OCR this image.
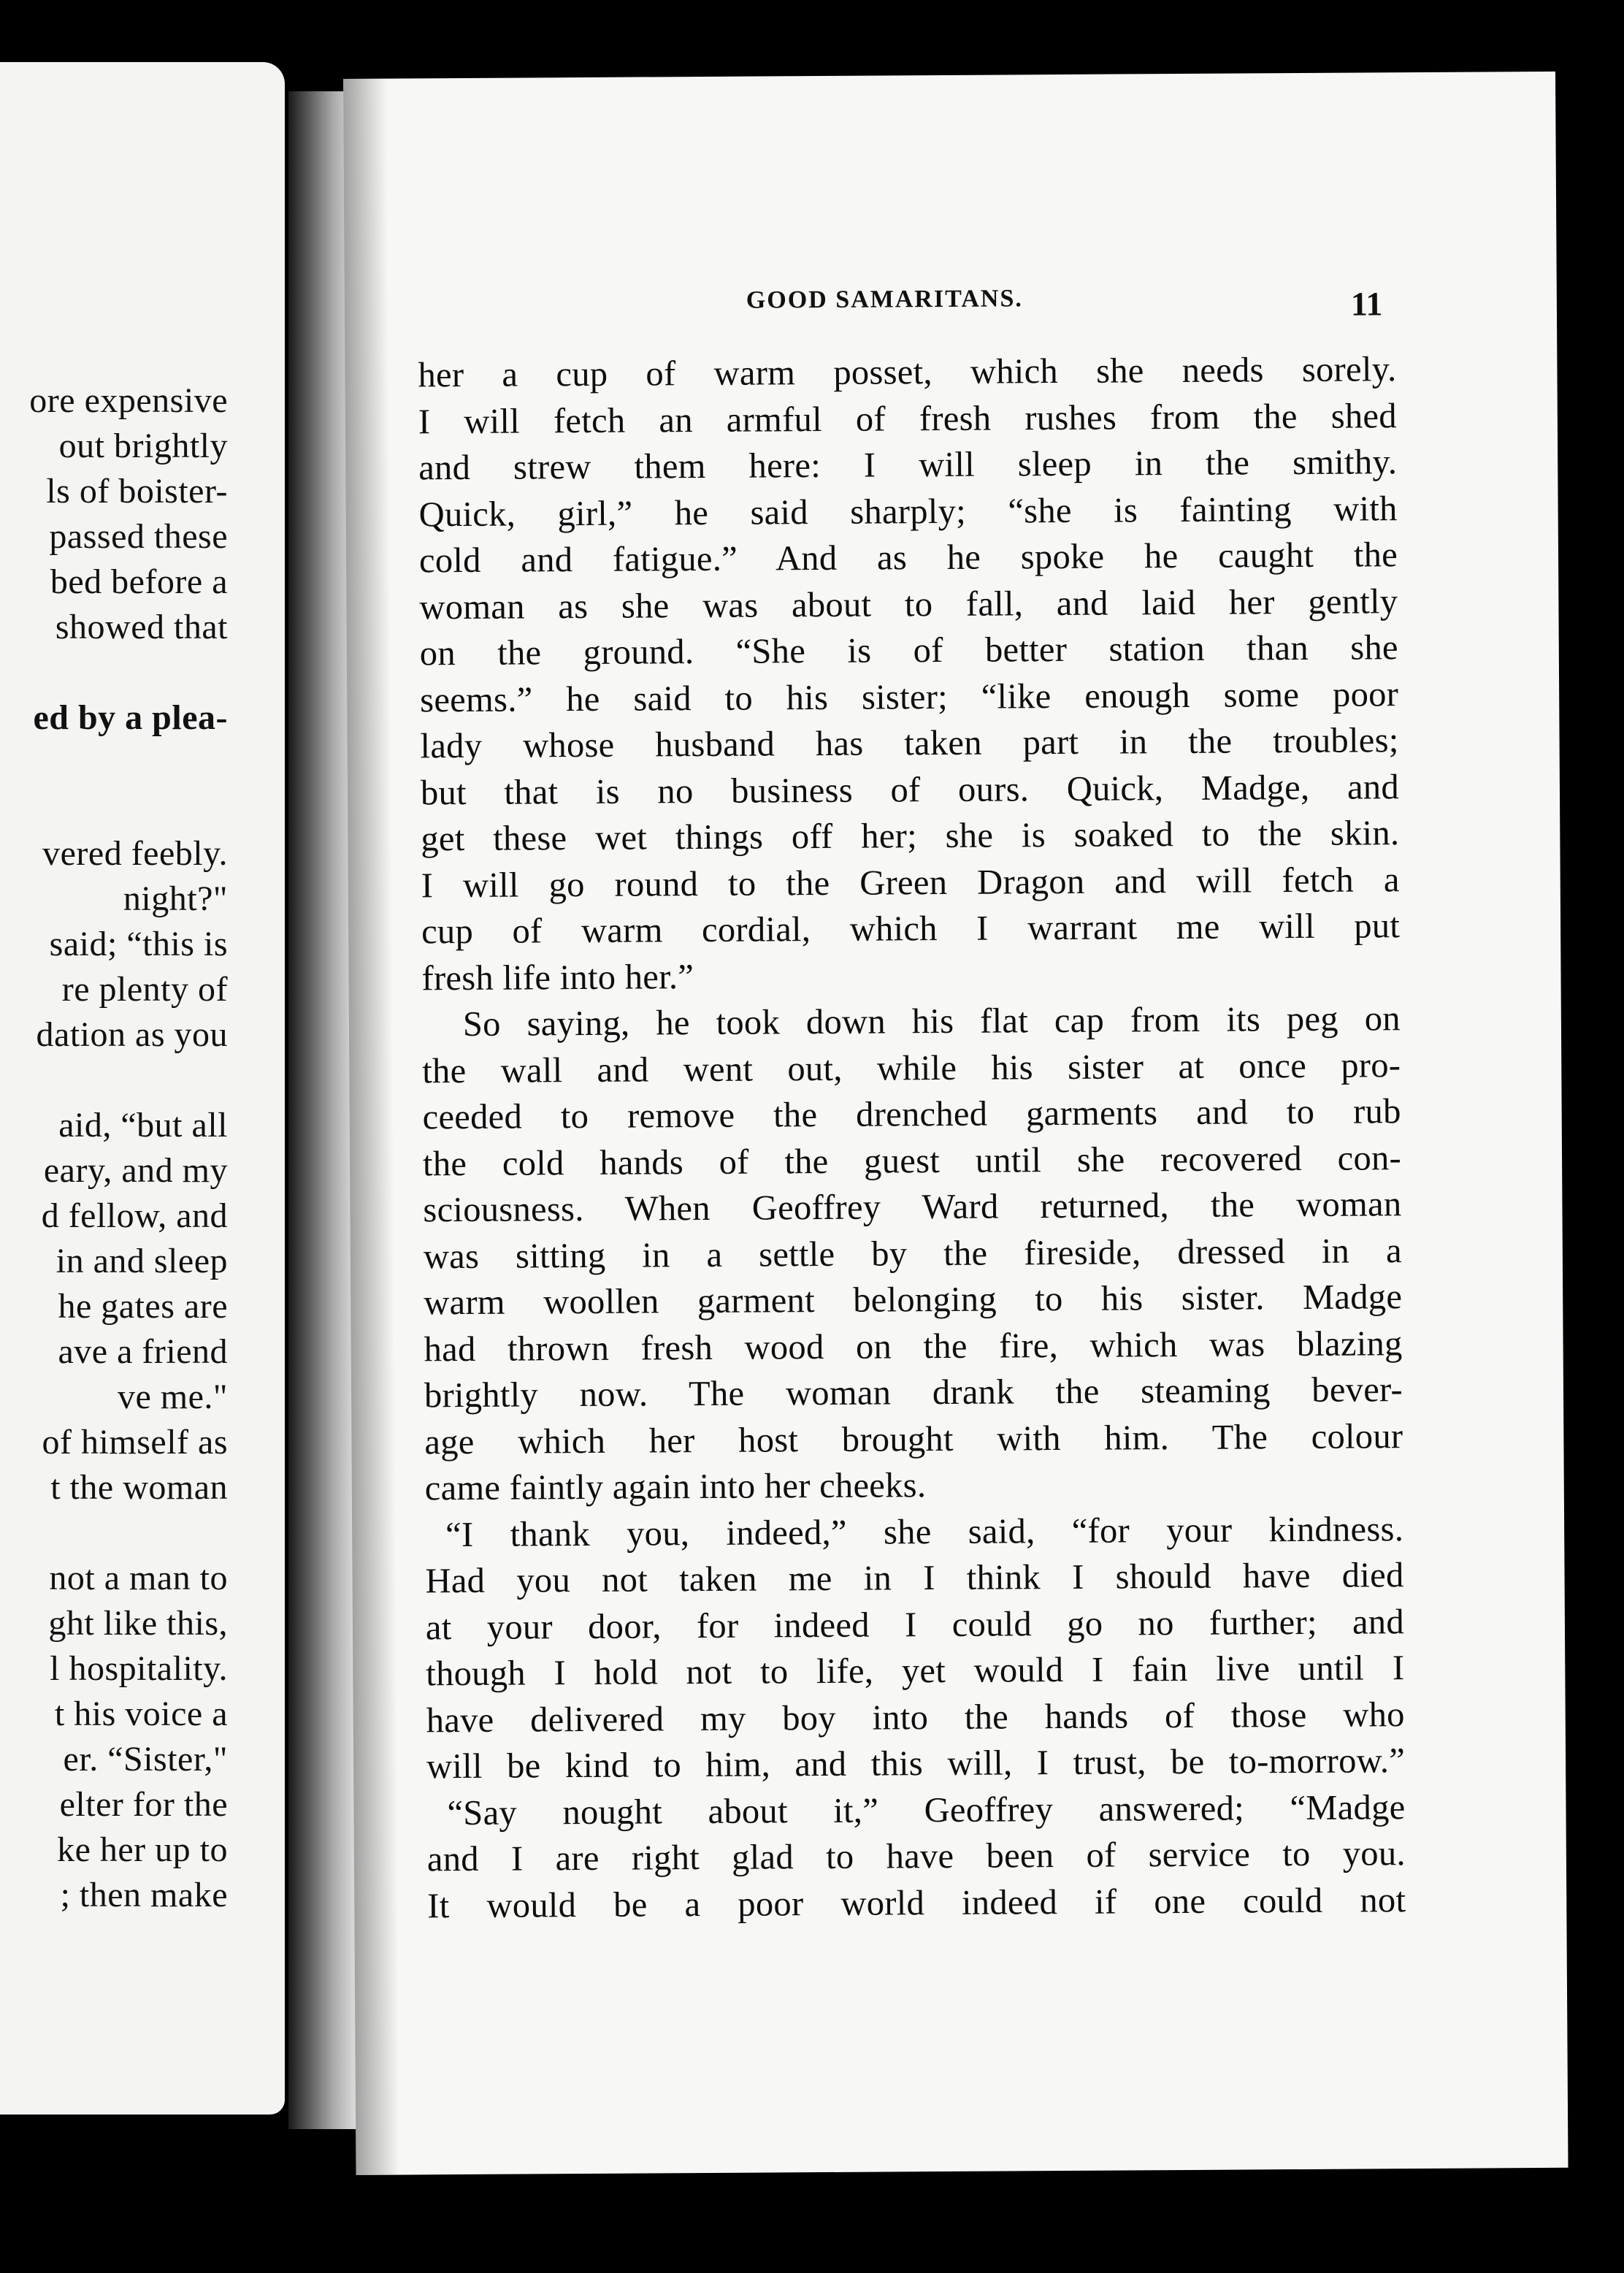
ore expensive
out brightly
ls of boister-
passed these
bed before a
showed that
ed by a plea-
vered feebly.
night?"
said; “this is
re plenty of
dation as you
aid, “but all
eary, and my
d fellow, and
in and sleep
he gates are
ave a friend
ve me."
of himself as
t the woman
not a man to
ght like this,
l hospitality.
t his voice a
er. “Sister,"
elter for the
ke her up to
; then make
GOOD SAMARITANS.	11
her a cup of warm posset, which she needs sorely.
I will fetch an armful of fresh rushes from the shed
and strew them here: I will sleep in the smithy.
Quick, girl,” he said sharply; “she is fainting with
cold and fatigue.” And as he spoke he caught the
woman as she was about to fall, and laid her gently
on the ground. “She is of better station than she
seems.” he said to his sister; “like enough some poor
lady whose husband has taken part in the troubles;
but that is no business of ours. Quick, Madge, and
get these wet things off her; she is soaked to the skin.
I will go round to the Green Dragon and will fetch a
cup of warm cordial, which I warrant me will put
fresh life into her.”
So saying, he took down his flat cap from its peg on
the wall and went out, while his sister at once pro-
ceeded to remove the drenched garments and to rub
the cold hands of the guest until she recovered con-
sciousness. When Geoffrey Ward returned, the woman
was sitting in a settle by the fireside, dressed in a
warm woollen garment belonging to his sister. Madge
had thrown fresh wood on the fire, which was blazing
brightly now. The woman drank the steaming bever-
age which her host brought with him. The colour
came faintly again into her cheeks.
“I thank you, indeed,” she said, “for your kindness.
Had you not taken me in I think I should have died
at your door, for indeed I could go no further; and
though I hold not to life, yet would I fain live until I
have delivered my boy into the hands of those who
will be kind to him, and this will, I trust, be to-morrow.”
“Say nought about it,” Geoffrey answered; “Madge
and I are right glad to have been of service to you.
It would be a poor world indeed if one could not
